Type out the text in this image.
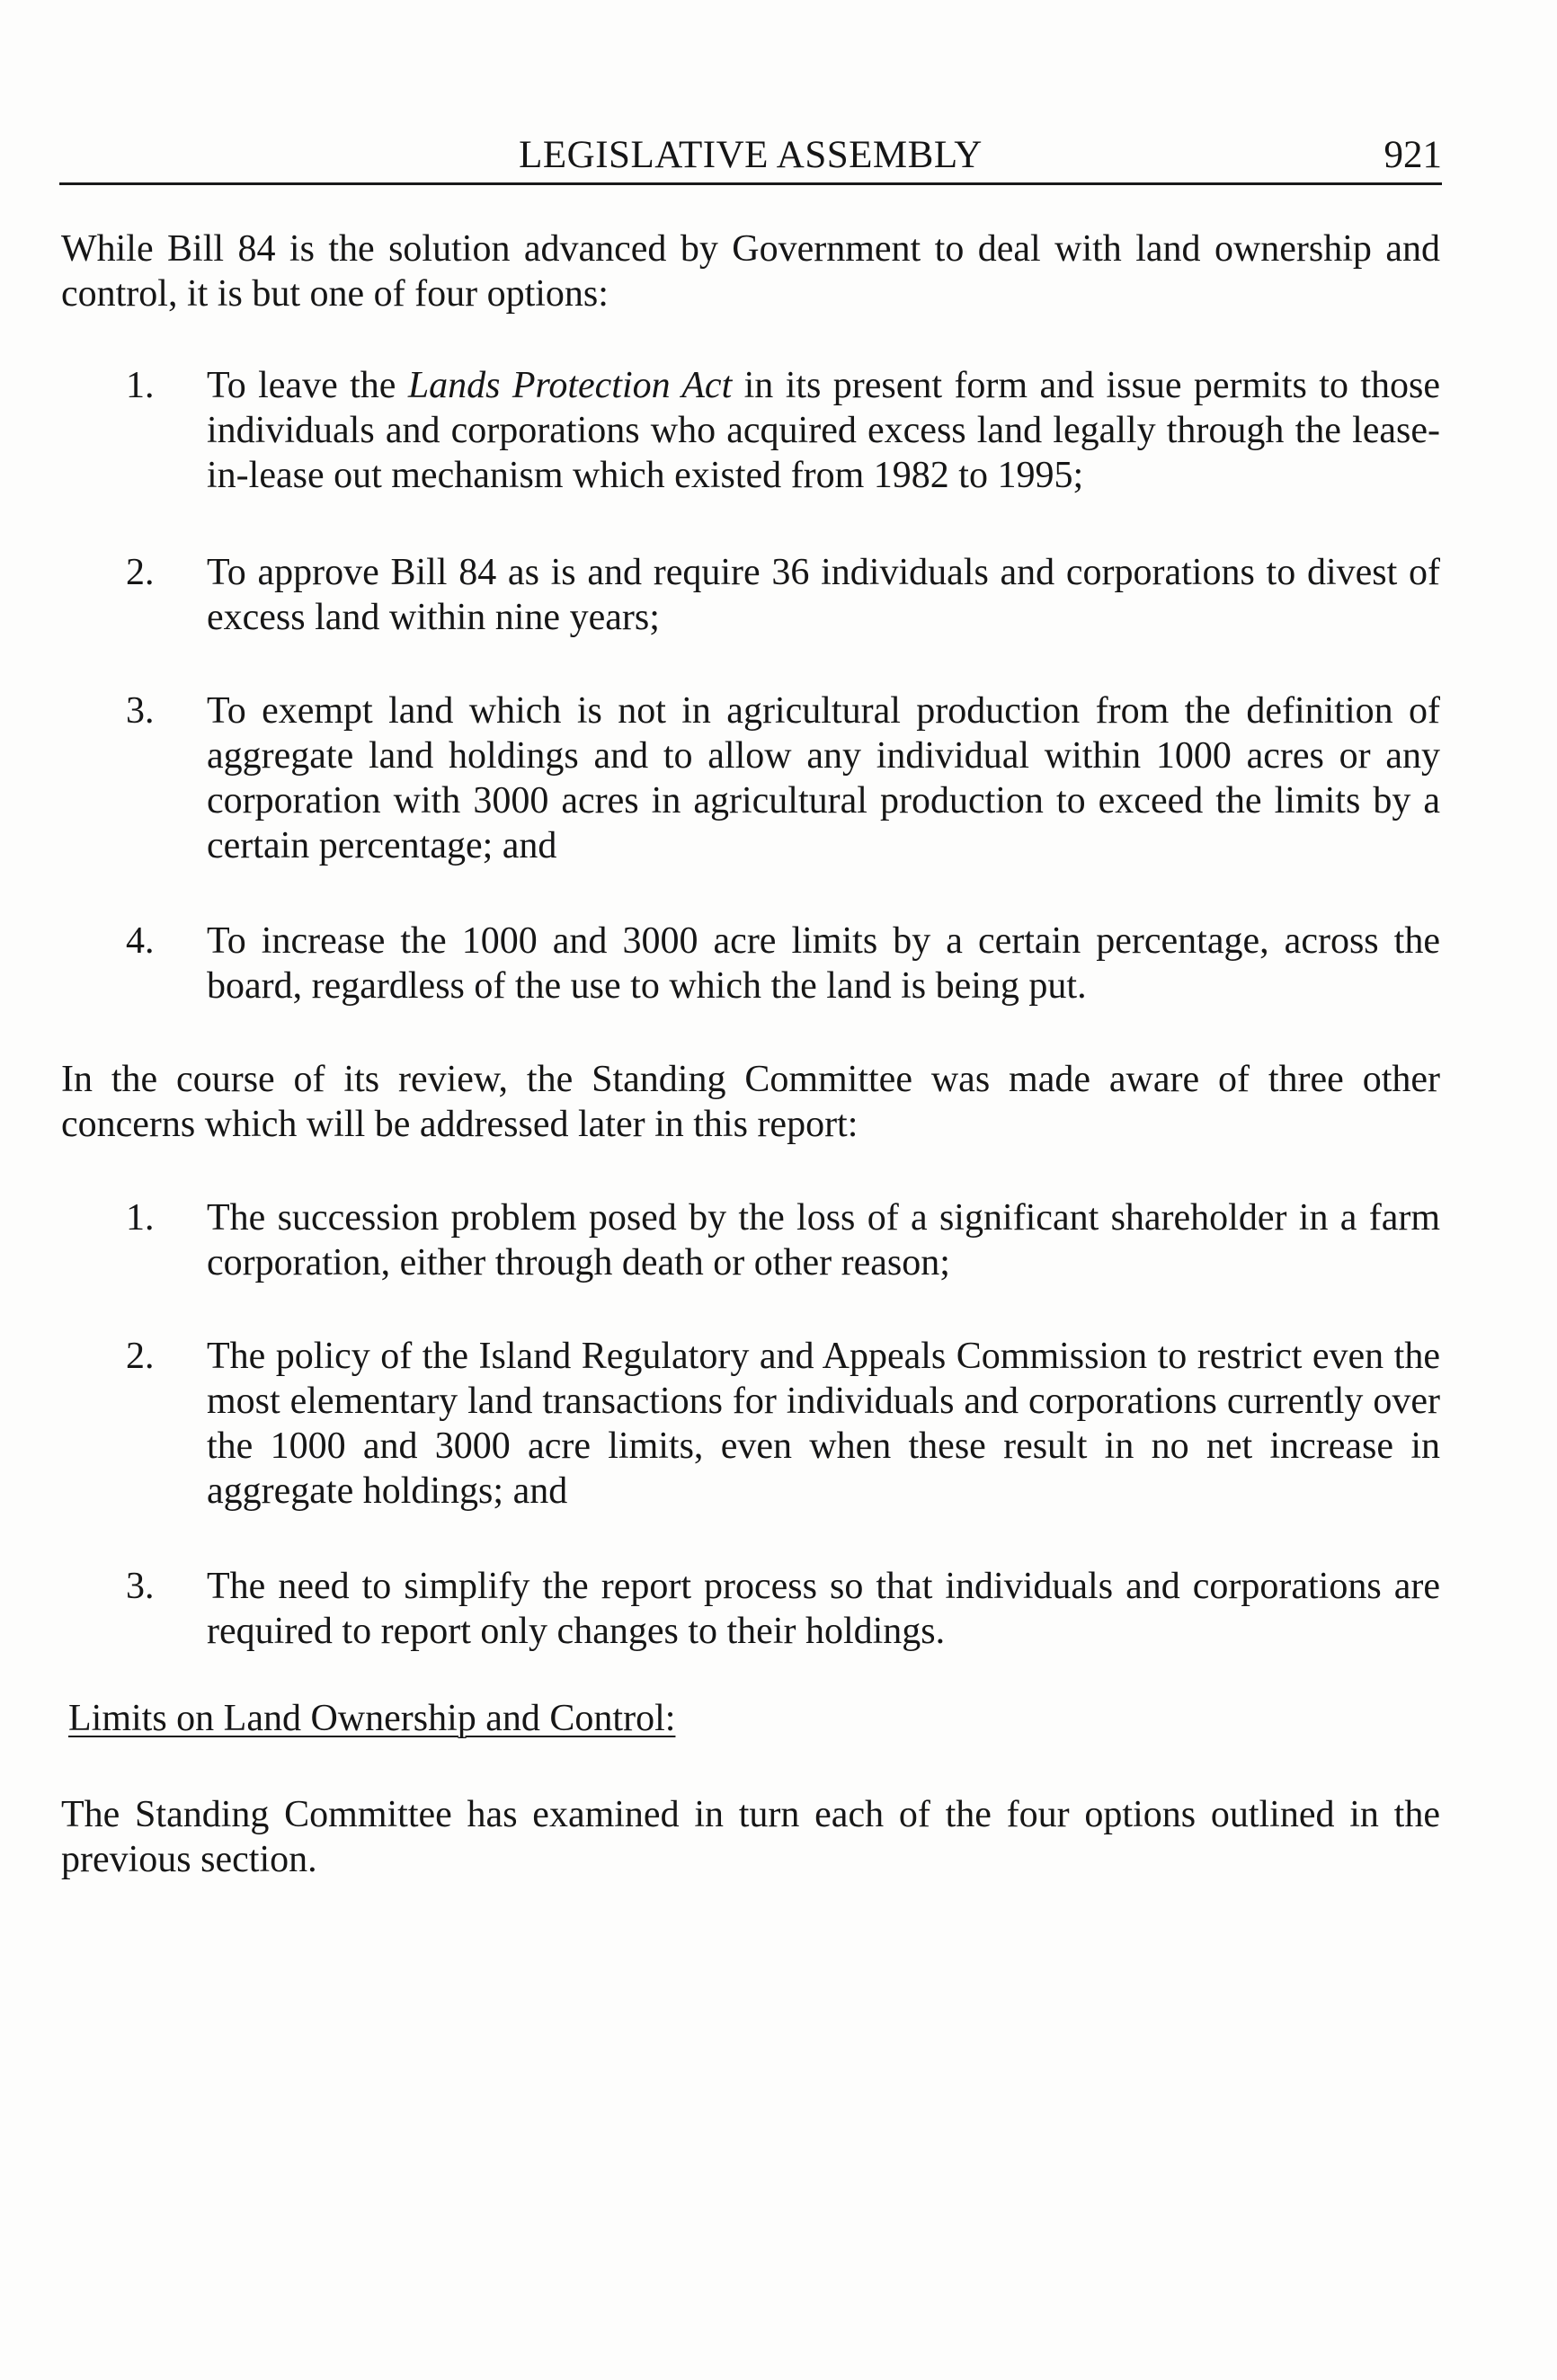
LEGISLATIVE ASSEMBLY	921

While Bill 84 is the solution advanced by Government to deal with land ownership and control, it is but one of four options:

1.	To leave the Lands Protection Act in its present form and issue permits to those individuals and corporations who acquired excess land legally through the lease-in-lease out mechanism which existed from 1982 to 1995;
2.	To approve Bill 84 as is and require 36 individuals and corporations to divest of excess land within nine years;
3.	To exempt land which is not in agricultural production from the definition of aggregate land holdings and to allow any individual within 1000 acres or any corporation with 3000 acres in agricultural production to exceed the limits by a certain percentage; and
4.	To increase the 1000 and 3000 acre limits by a certain percentage, across the board, regardless of the use to which the land is being put.

In the course of its review, the Standing Committee was made aware of three other concerns which will be addressed later in this report:

1.	The succession problem posed by the loss of a significant shareholder in a farm corporation, either through death or other reason;
2.	The policy of the Island Regulatory and Appeals Commission to restrict even the most elementary land transactions for individuals and corporations currently over the 1000 and 3000 acre limits, even when these result in no net increase in aggregate holdings; and
3.	The need to simplify the report process so that individuals and corporations are required to report only changes to their holdings.
Limits on Land Ownership and Control:

The Standing Committee has examined in turn each of the four options outlined in the previous section.
